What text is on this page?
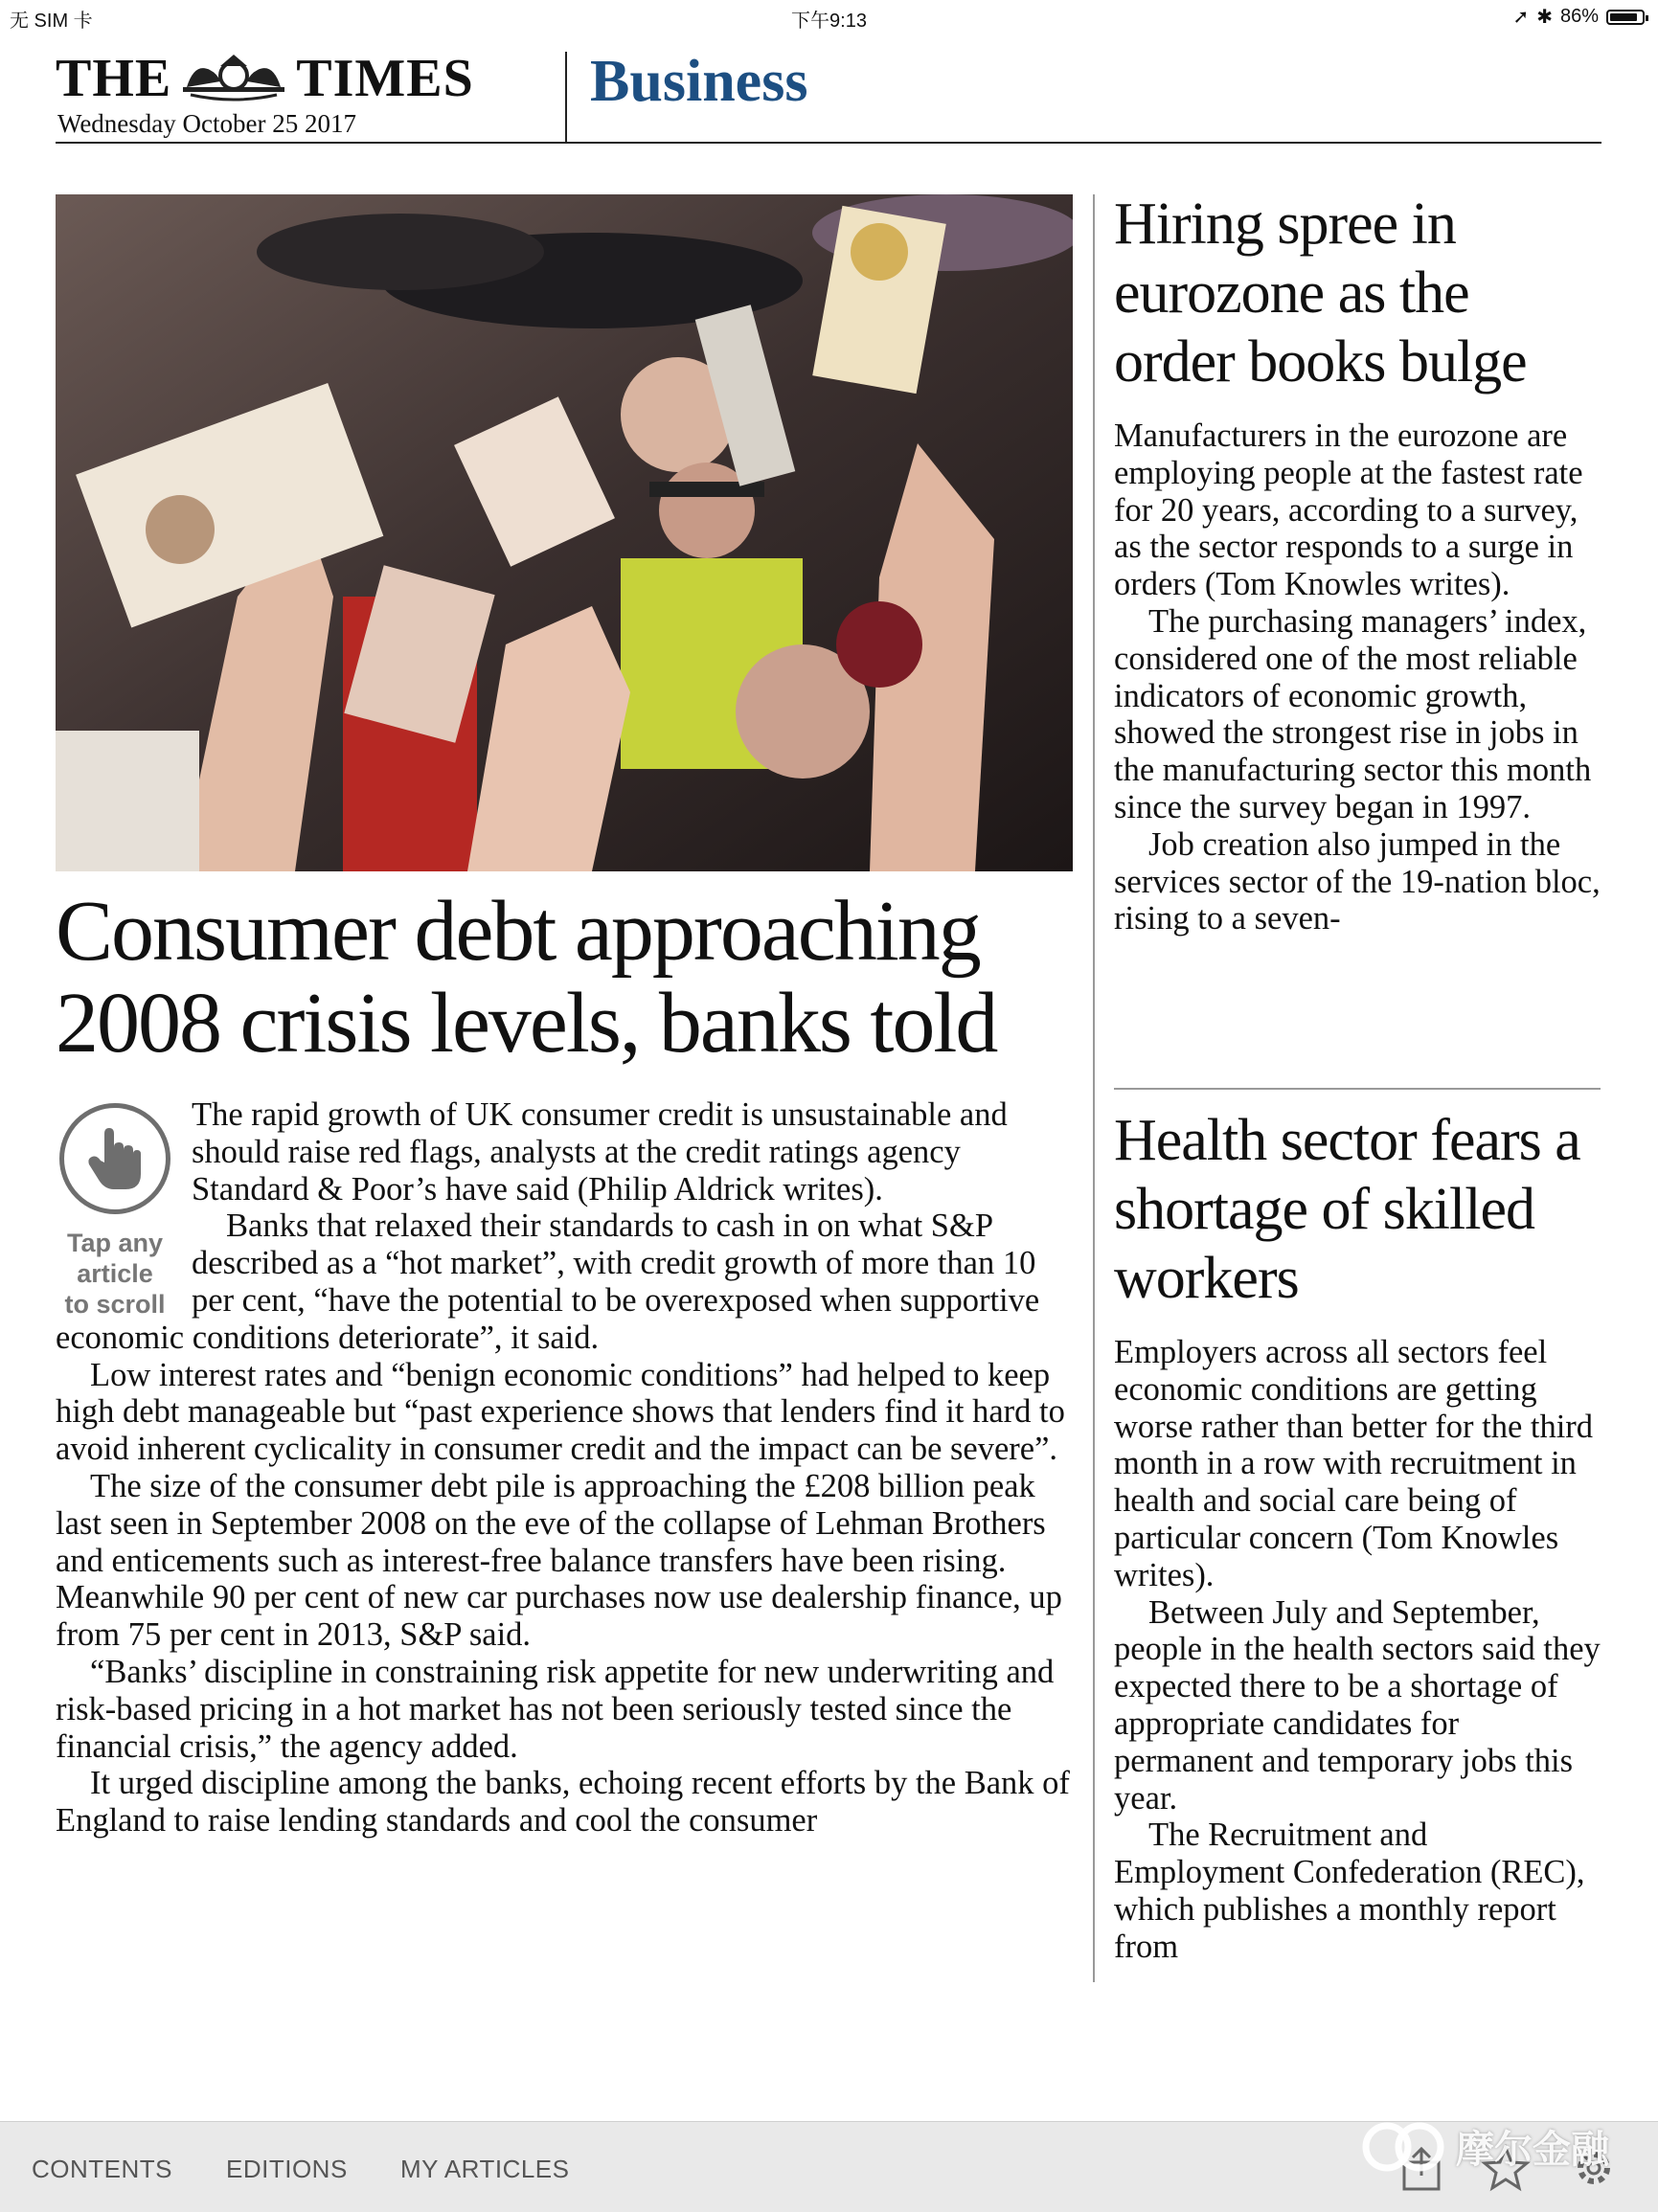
无 SIM 卡	下午9:13	➚ ✱ 86%
THE TIMES
Wednesday October 25 2017
Business
Consumer debt approaching 2008 crisis levels, banks told
Tap any
article
to scroll

The rapid growth of UK consumer credit is unsustainable and should raise red flags, analysts at the credit ratings agency Standard & Poor’s have said (Philip Aldrick writes).

Banks that relaxed their standards to cash in on what S&P described as a “hot market”, with credit growth of more than 10 per cent, “have the potential to be overexposed when supportive economic conditions deteriorate”, it said.

Low interest rates and “benign economic conditions” had helped to keep high debt manageable but “past experience shows that lenders find it hard to avoid inherent cyclicality in consumer credit and the impact can be severe”.

The size of the consumer debt pile is approaching the £208 billion peak last seen in September 2008 on the eve of the collapse of Lehman Brothers and enticements such as interest-free balance transfers have been rising. Meanwhile 90 per cent of new car purchases now use dealership finance, up from 75 per cent in 2013, S&P said.

“Banks’ discipline in constraining risk appetite for new underwriting and risk-based pricing in a hot market has not been seriously tested since the financial crisis,” the agency added.

It urged discipline among the banks, echoing recent efforts by the Bank of England to raise lending standards and cool the consumer

Hiring spree in eurozone as the order books bulge

Manufacturers in the eurozone are employing people at the fastest rate for 20 years, according to a survey, as the sector responds to a surge in orders (Tom Knowles writes).

The purchasing managers’ index, considered one of the most reliable indicators of economic growth, showed the strongest rise in jobs in the manufacturing sector this month since the survey began in 1997.

Job creation also jumped in the services sector of the 19-nation bloc, rising to a seven-

Health sector fears a shortage of skilled workers

Employers across all sectors feel economic conditions are getting worse rather than better for the third month in a row with recruitment in health and social care being of particular concern (Tom Knowles writes).

Between July and September, people in the health sectors said they expected there to be a shortage of appropriate candidates for permanent and temporary jobs this year.

The Recruitment and Employment Confederation (REC), which publishes a monthly report from

CONTENTS EDITIONS MY ARTICLES	摩尔金融
